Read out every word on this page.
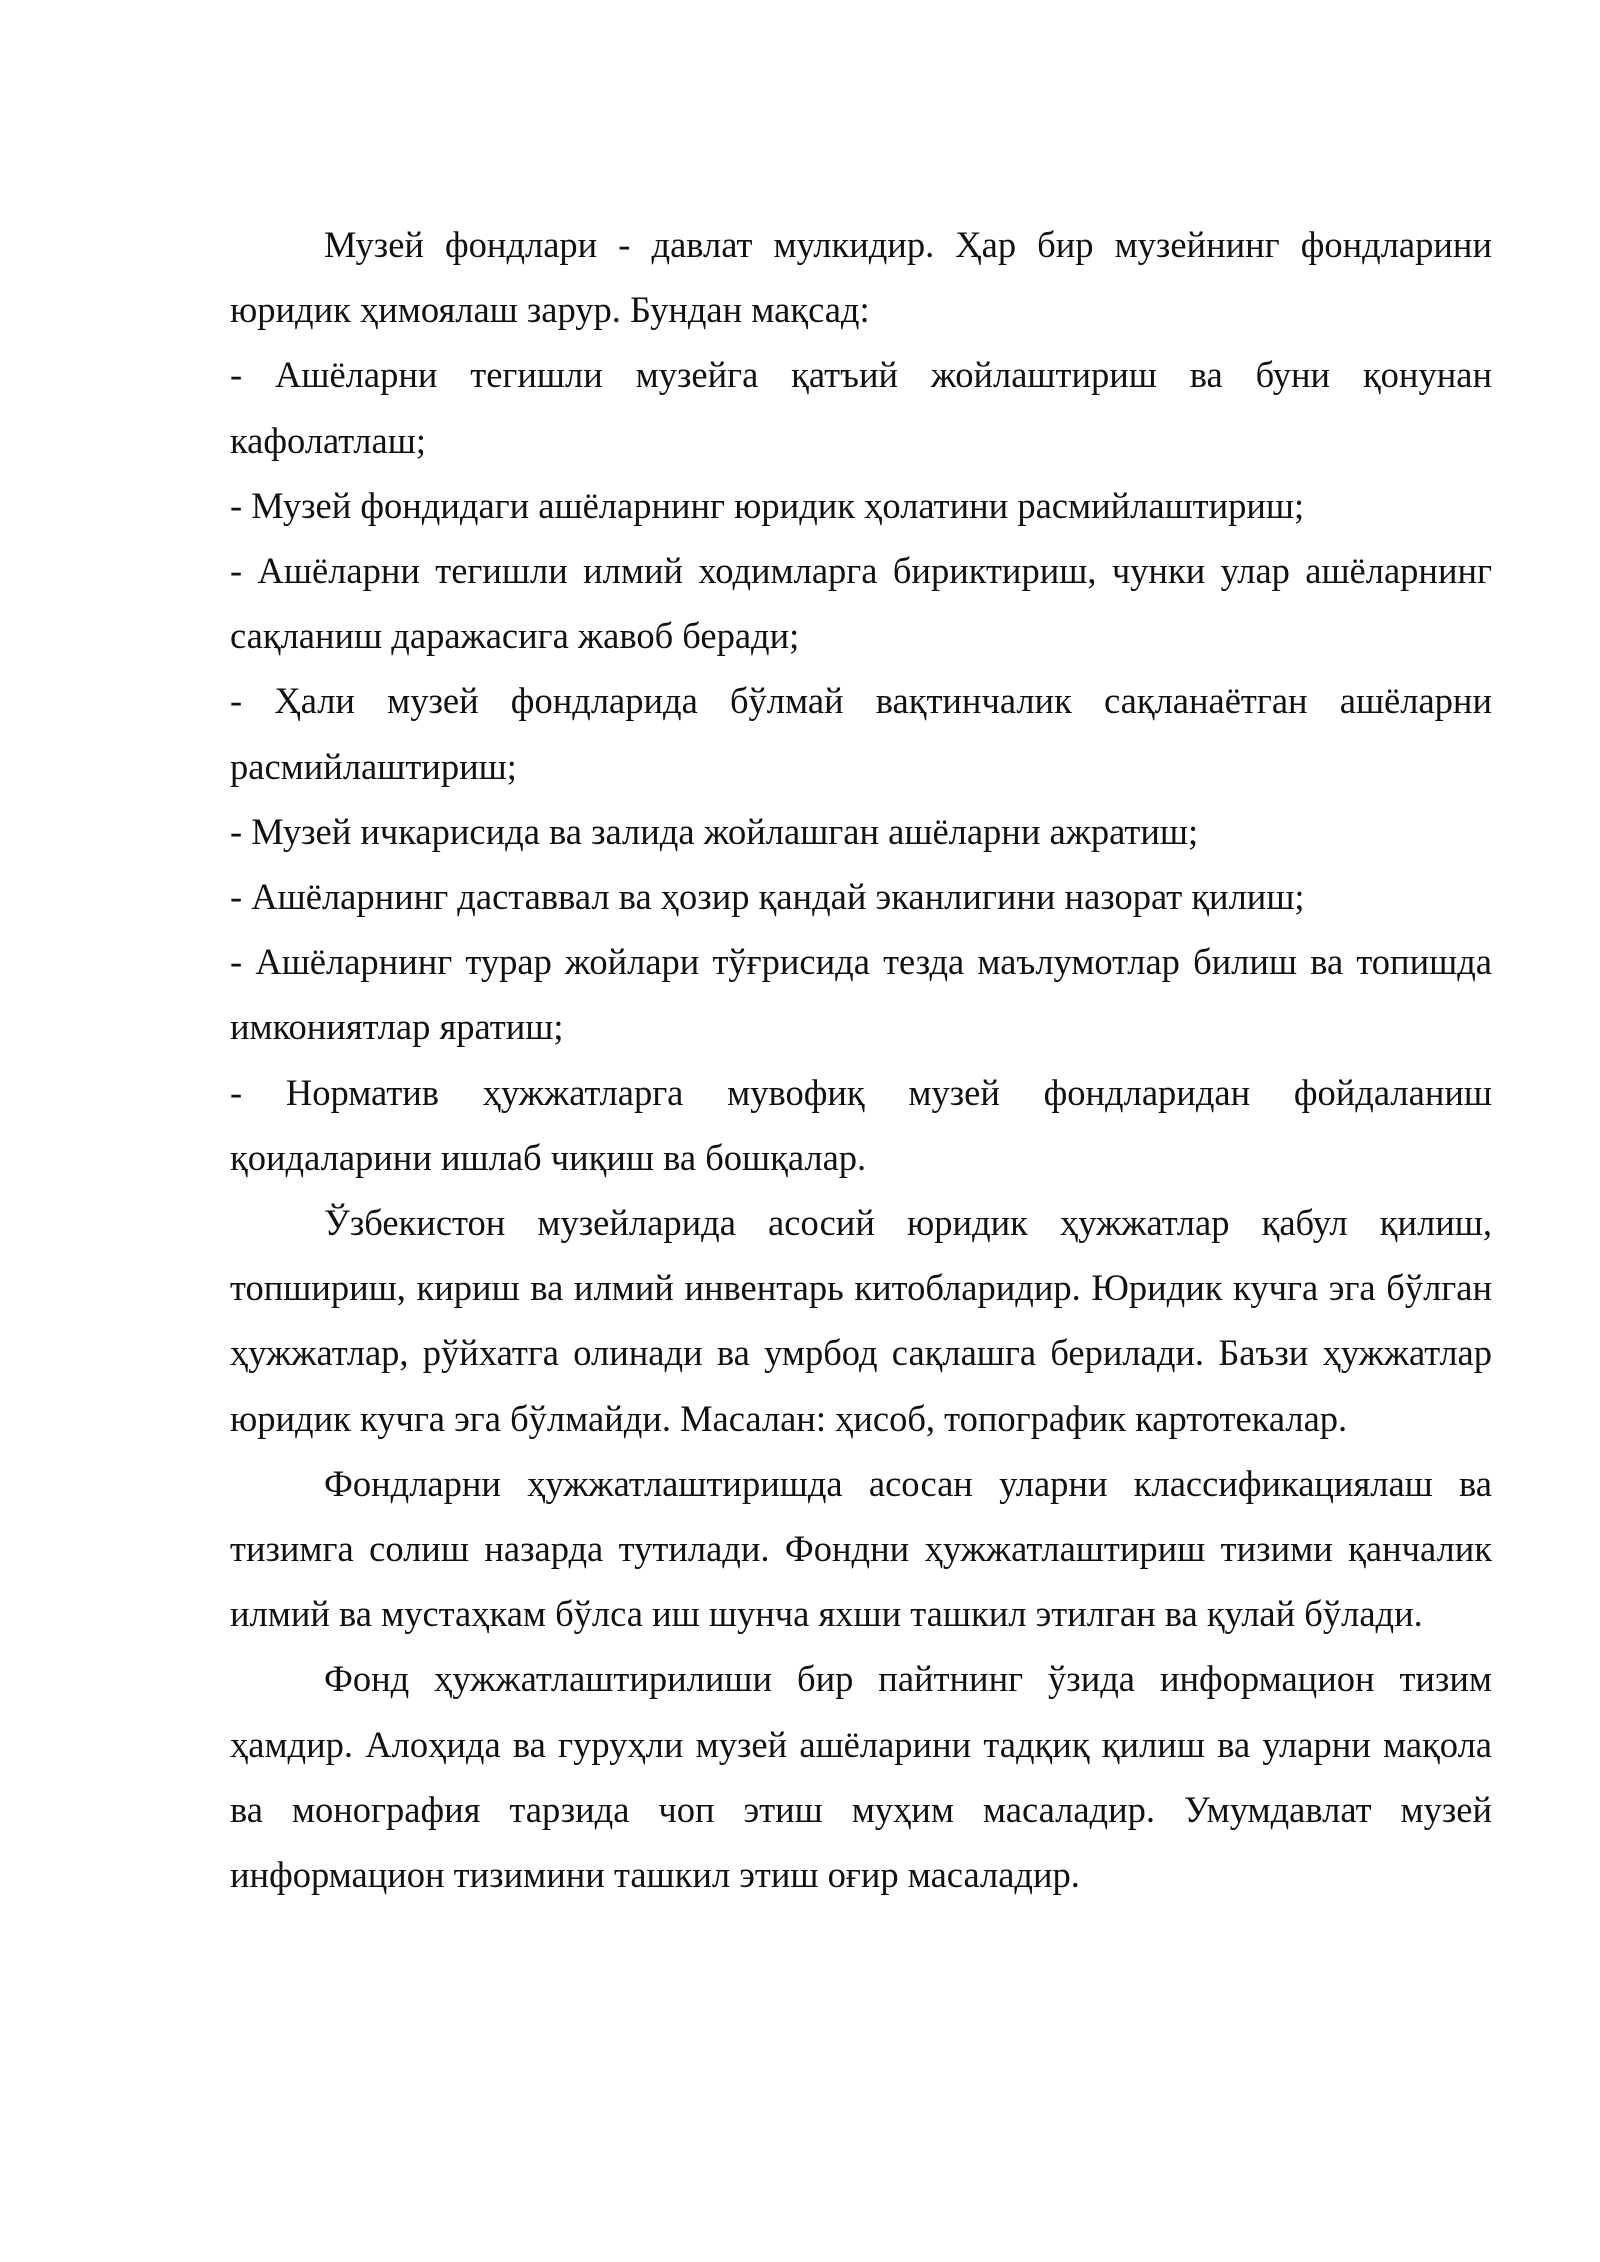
Музей фондлари - давлат мулкидир. Ҳар бир музейнинг фондларини юридик ҳимоялаш зарур. Бундан мақсад:

- Ашёларни тегишли музейга қатъий жойлаштириш ва буни қонунан кафолатлаш;

- Музей фондидаги ашёларнинг юридик ҳолатини расмийлаштириш;

- Ашёларни тегишли илмий ходимларга бириктириш, чунки улар ашёларнинг сақланиш даражасига жавоб беради;

- Ҳали музей фондларида бўлмай вақтинчалик сақланаётган ашёларни расмийлаштириш;

- Музей ичкарисида ва залида жойлашган ашёларни ажратиш;

- Ашёларнинг даставвал ва ҳозир қандай эканлигини назорат қилиш;

- Ашёларнинг турар жойлари тўғрисида тезда маълумотлар билиш ва топишда имкониятлар яратиш;

- Норматив ҳужжатларга мувофиқ музей фондларидан фойдаланиш қоидаларини ишлаб чиқиш ва бошқалар.

Ўзбекистон музейларида асосий юридик ҳужжатлар қабул қилиш, топшириш, кириш ва илмий инвентарь китобларидир. Юридик кучга эга бўлган ҳужжатлар, рўйхатга олинади ва умрбод сақлашга берилади. Баъзи ҳужжатлар юридик кучга эга бўлмайди. Масалан: ҳисоб, топографик картотекалар.

Фондларни ҳужжатлаштиришда асосан уларни классификациялаш ва тизимга солиш назарда тутилади. Фондни ҳужжатлаштириш тизими қанчалик илмий ва мустаҳкам бўлса иш шунча яхши ташкил этилган ва қулай бўлади.

Фонд ҳужжатлаштирилиши бир пайтнинг ўзида информацион тизим ҳамдир. Алоҳида ва гуруҳли музей ашёларини тадқиқ қилиш ва уларни мақола ва монография тарзида чоп этиш муҳим масаладир. Умумдавлат музей информацион тизимини ташкил этиш оғир масаладир.
